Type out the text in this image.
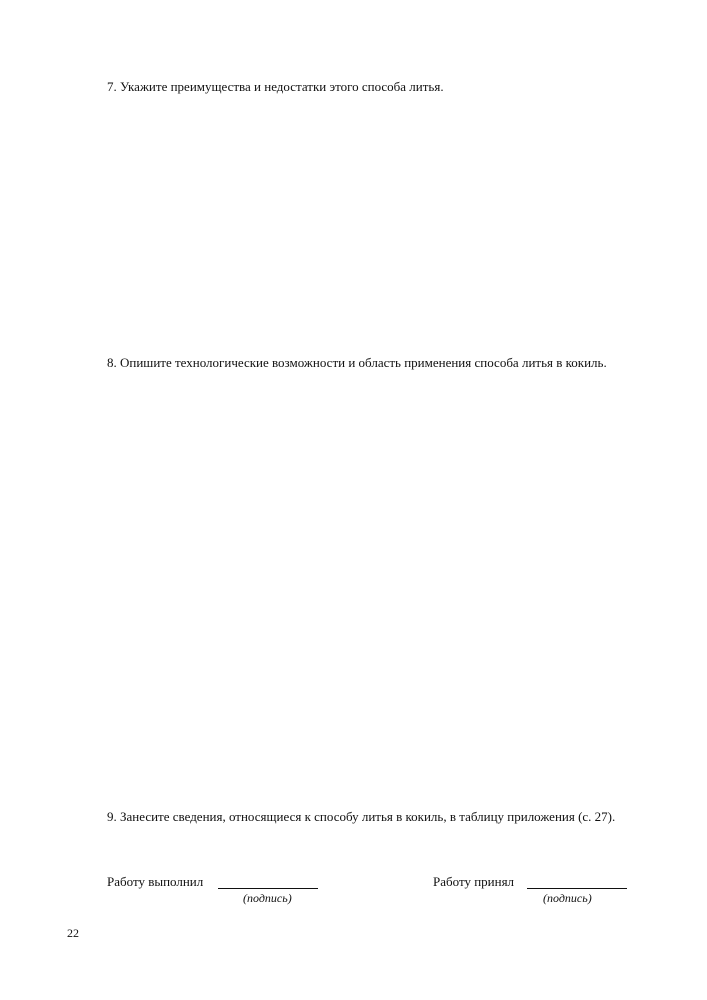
7. Укажите преимущества и недостатки этого способа литья.
8. Опишите технологические возможности и область применения способа литья в кокиль.
9. Занесите сведения, относящиеся к способу литья в кокиль, в таблицу приложения (с. 27).
Работу выполнил
(подпись)
Работу принял
(подпись)
22
